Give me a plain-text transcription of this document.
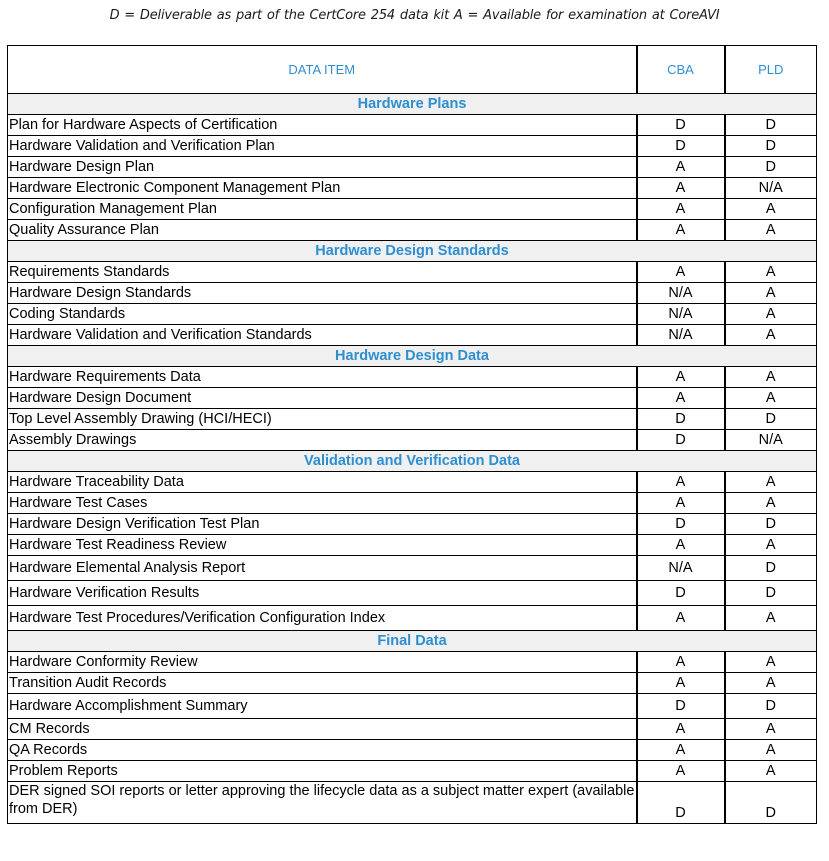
D = Deliverable as part of the CertCore 254 data kit A = Available for examination at CoreAVI
DATA ITEM	CBA	PLD
Hardware Plans		
Plan for Hardware Aspects of Certification	D	D
Hardware Validation and Verification Plan	D	D
Hardware Design Plan	A	D
Hardware Electronic Component Management Plan	A	N/A
Configuration Management Plan	A	A
Quality Assurance Plan	A	A
Hardware Design Standards		
Requirements Standards	A	A
Hardware Design Standards	N/A	A
Coding Standards	N/A	A
Hardware Validation and Verification Standards	N/A	A
Hardware Design Data		
Hardware Requirements Data	A	A
Hardware Design Document	A	A
Top Level Assembly Drawing (HCI/HECI)	D	D
Assembly Drawings	D	N/A
Validation and Verification Data		
Hardware Traceability Data	A	A
Hardware Test Cases	A	A
Hardware Design Verification Test Plan	D	D
Hardware Test Readiness Review	A	A
Hardware Elemental Analysis Report	N/A	D
Hardware Verification Results	D	D
Hardware Test Procedures/Verification Configuration Index	A	A
Final Data		
Hardware Conformity Review	A	A
Transition Audit Records	A	A
Hardware Accomplishment Summary	D	D
CM Records	A	A
QA Records	A	A
Problem Reports	A	A
DER signed SOI reports or letter approving the lifecycle data as a subject matter expert (available from DER)	D	D
